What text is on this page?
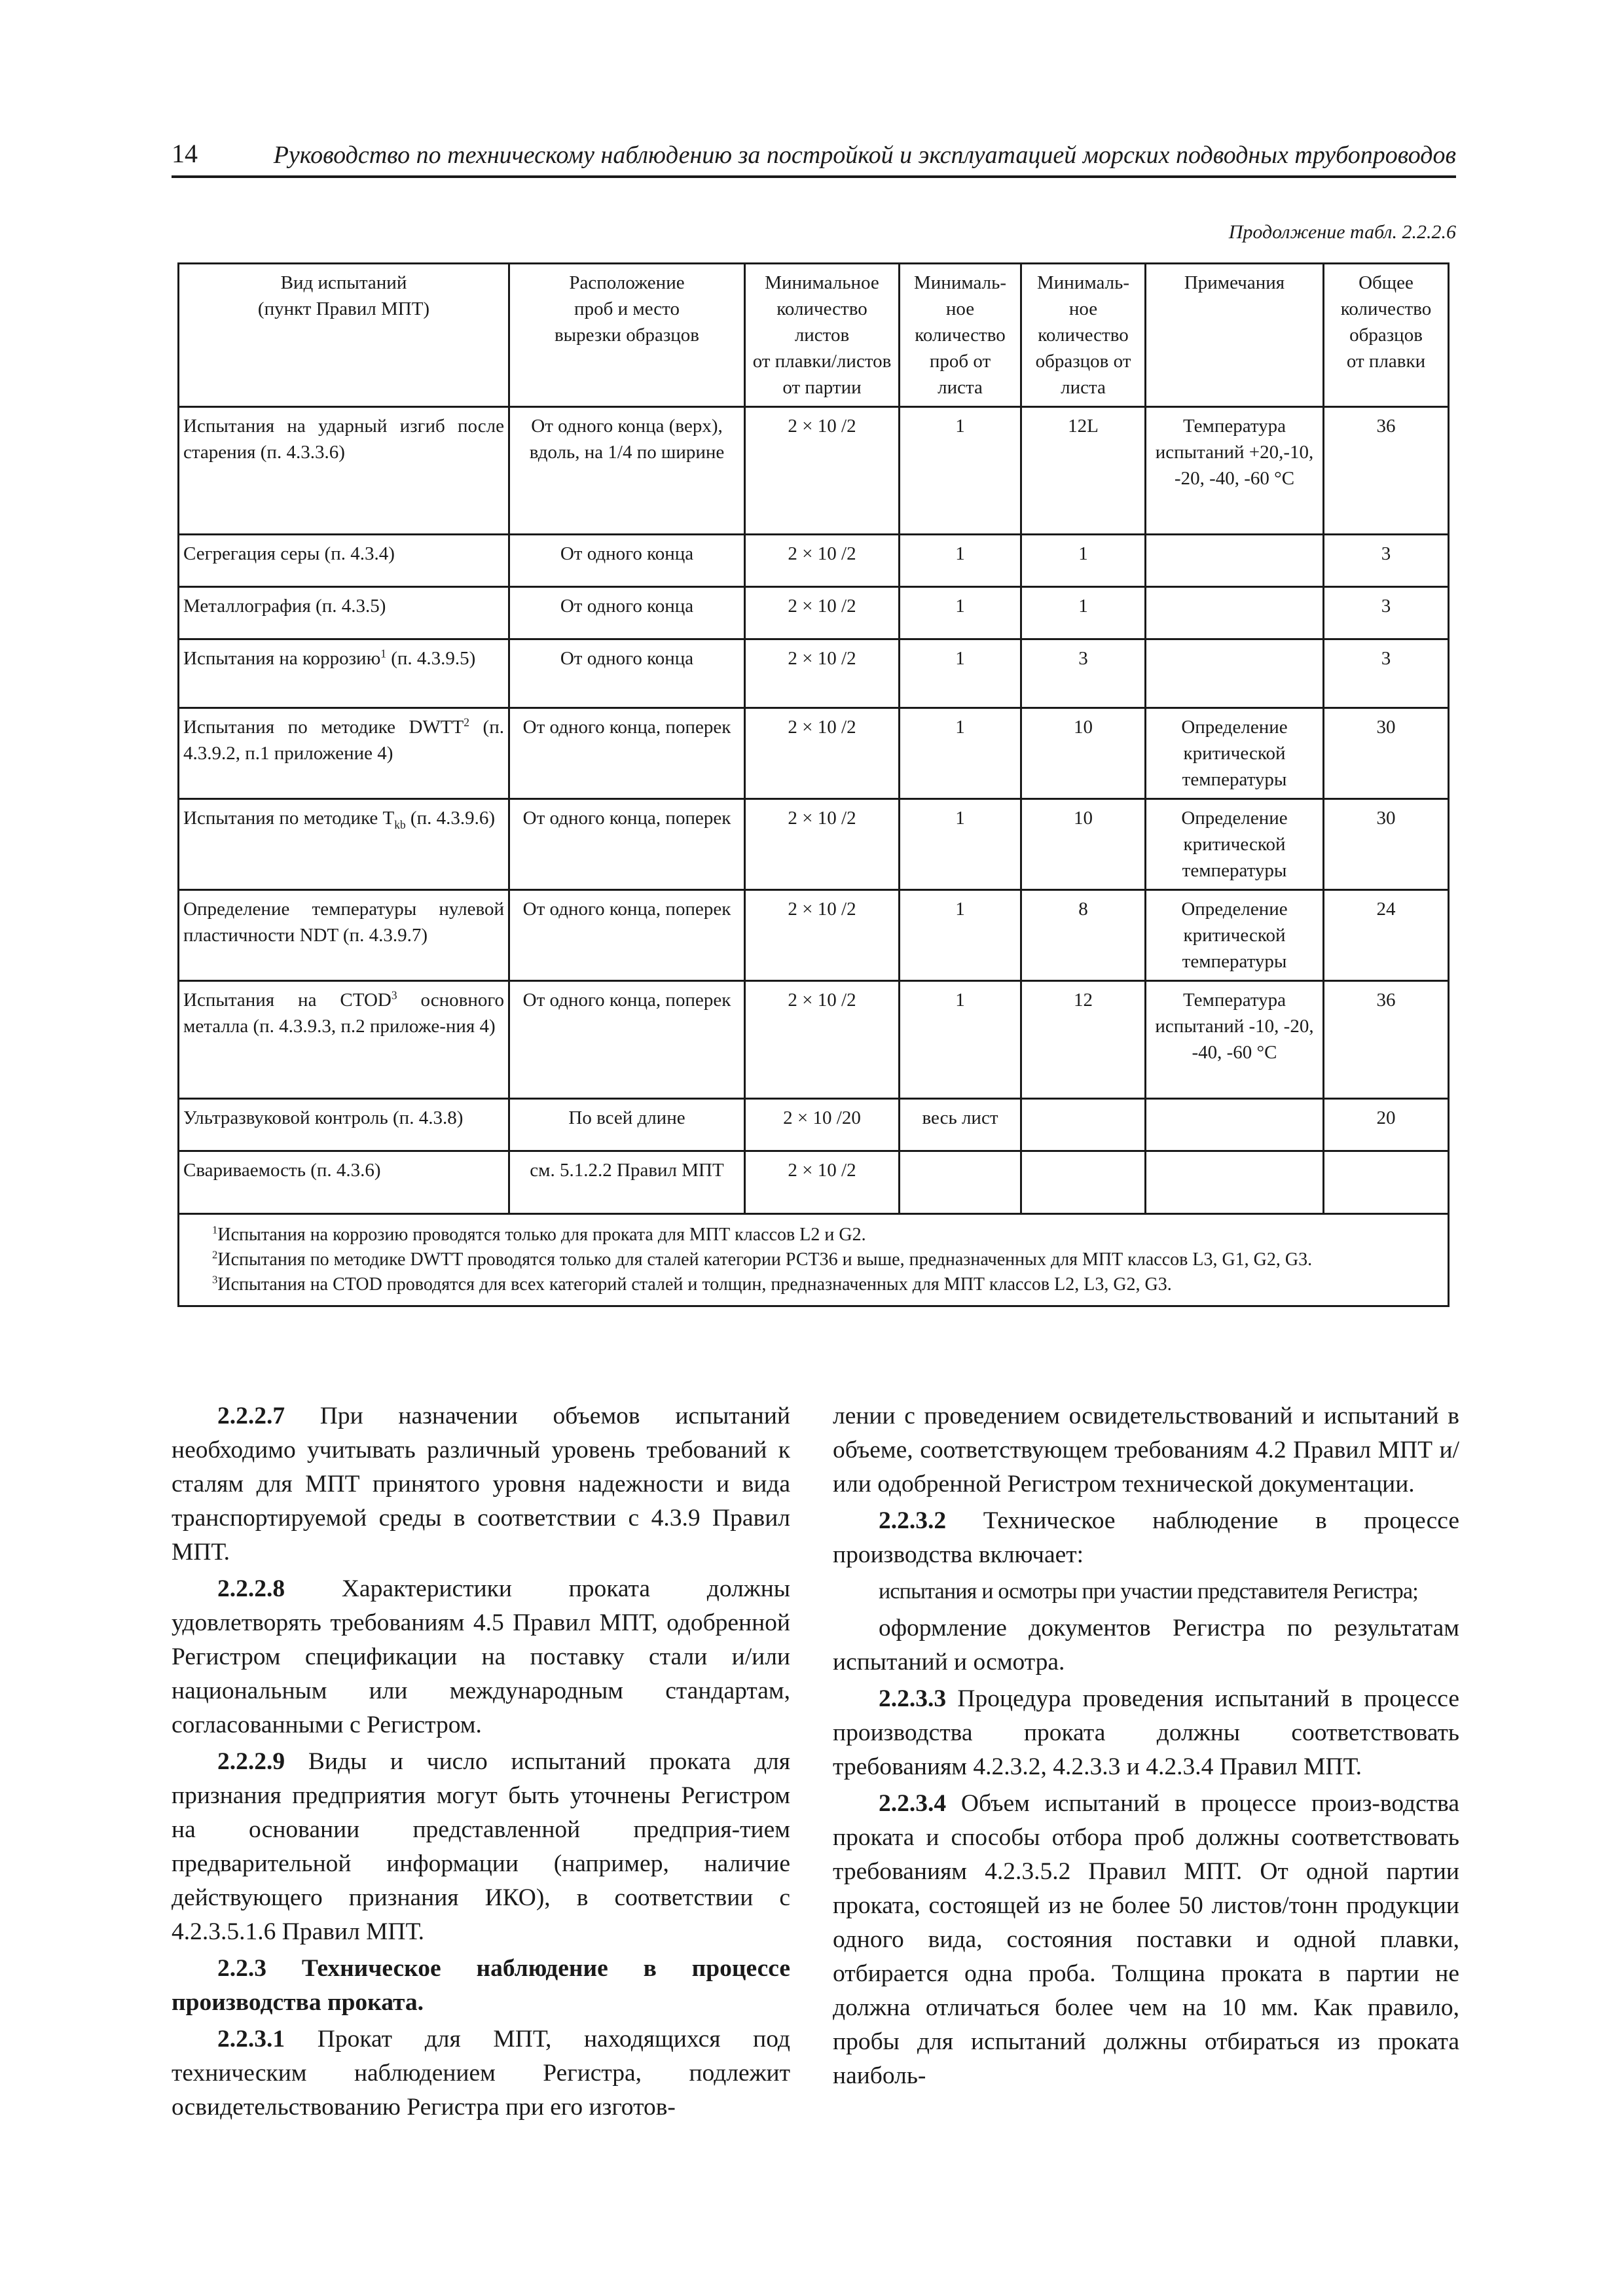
14	Руководство по техническому наблюдению за постройкой и эксплуатацией морских подводных трубопроводов
Продолжение табл. 2.2.2.6
Вид испытаний
(пункт Правил МПТ)	Расположение
проб и место
вырезки образцов	Минимальное
количество
листов
от плавки/листов
от партии	Минималь-
ное
количество
проб от
листа	Минималь-
ное
количество
образцов от
листа	Примечания	Общее
количество
образцов
от плавки
Испытания на ударный изгиб после старения (п. 4.3.3.6)	От одного конца (верх), вдоль, на 1/4 по ширине	2 × 10 /2	1	12L	Температура испытаний +20,-10, -20, -40, -60 °С	36
Сегрегация серы (п. 4.3.4)	От одного конца	2 × 10 /2	1	1		3
Металлография (п. 4.3.5)	От одного конца	2 × 10 /2	1	1		3
Испытания на коррозию$^1$ (п. 4.3.9.5)	От одного конца	2 × 10 /2	1	3		3
Испытания по методике DWTT$^2$ (п. 4.3.9.2, п.1 приложение 4)	От одного конца, поперек	2 × 10 /2	1	10	Определение критической температуры	30
Испытания по методике $T_{kb}$ (п. 4.3.9.6)	От одного конца, поперек	2 × 10 /2	1	10	Определение критической температуры	30
Определение температуры нулевой пластичности NDT (п. 4.3.9.7)	От одного конца, поперек	2 × 10 /2	1	8	Определение критической температуры	24
Испытания на CTOD$^3$ основного металла (п. 4.3.9.3, п.2 приложе-ния 4)	От одного конца, поперек	2 × 10 /2	1	12	Температура испытаний -10, -20, -40, -60 °С	36
Ультразвуковой контроль (п. 4.3.8)	По всей длине	2 × 10 /20	весь лист			20
Свариваемость (п. 4.3.6)	см. 5.1.2.2 Правил МПТ	2 × 10 /2				

$^1$Испытания на коррозию проводятся только для проката для МПТ классов L2 и G2.
$^2$Испытания по методике DWTT проводятся только для сталей категории РСТ36 и выше, предназначенных для МПТ классов L3, G1, G2, G3.
$^3$Испытания на CTOD проводятся для всех категорий сталей и толщин, предназначенных для МПТ классов L2, L3, G2, G3.						

2.2.2.7 При назначении объемов испытаний необходимо учитывать различный уровень требований к сталям для МПТ принятого уровня надежности и вида транспортируемой среды в соответствии с 4.3.9 Правил МПТ.

2.2.2.8 Характеристики проката должны удовлетворять требованиям 4.5 Правил МПТ, одобренной Регистром спецификации на поставку стали и/или национальным или международным стандартам, согласованными с Регистром.

2.2.2.9 Виды и число испытаний проката для признания предприятия могут быть уточнены Регистром на основании представленной предприя-тием предварительной информации (например, наличие действующего признания ИКО), в соответствии с 4.2.3.5.1.6 Правил МПТ.

2.2.3 Техническое наблюдение в процессе производства проката.

2.2.3.1 Прокат для МПТ, находящихся под техническим наблюдением Регистра, подлежит освидетельствованию Регистра при его изготов-

лении с проведением освидетельствований и испытаний в объеме, соответствующем требованиям 4.2 Правил МПТ и/или одобренной Регистром технической документации.

2.2.3.2 Техническое наблюдение в процессе производства включает:

испытания и осмотры при участии представителя Регистра;

оформление документов Регистра по результатам испытаний и осмотра.

2.2.3.3 Процедура проведения испытаний в процессе производства проката должны соответствовать требованиям 4.2.3.2, 4.2.3.3 и 4.2.3.4 Правил МПТ.

2.2.3.4 Объем испытаний в процессе произ-водства проката и способы отбора проб должны соответствовать требованиям 4.2.3.5.2 Правил МПТ. От одной партии проката, состоящей из не более 50 листов/тонн продукции одного вида, состояния поставки и одной плавки, отбирается одна проба. Толщина проката в партии не должна отличаться более чем на 10 мм. Как правило, пробы для испытаний должны отбираться из проката наиболь-
